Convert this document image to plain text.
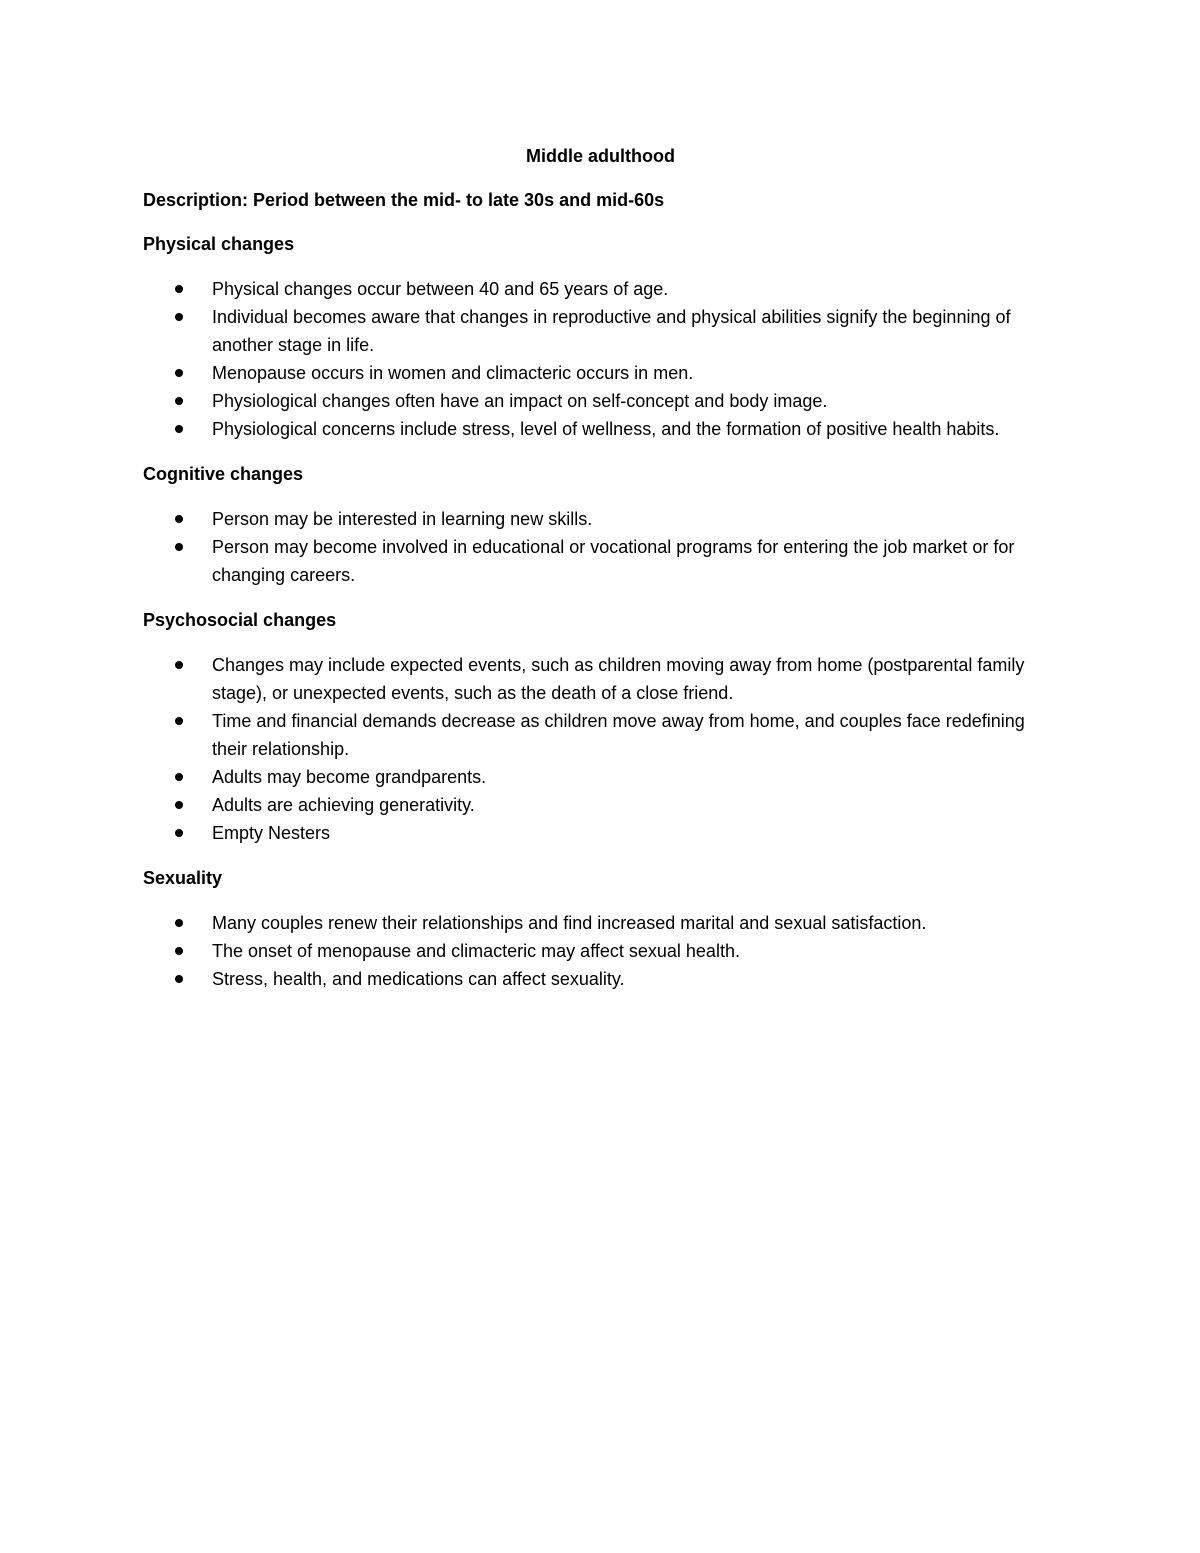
Middle adulthood
Description: Period between the mid- to late 30s and mid-60s
Physical changes
Physical changes occur between 40 and 65 years of age.
Individual becomes aware that changes in reproductive and physical abilities signify the beginning of another stage in life.
Menopause occurs in women and climacteric occurs in men.
Physiological changes often have an impact on self-concept and body image.
Physiological concerns include stress, level of wellness, and the formation of positive health habits.
Cognitive changes
Person may be interested in learning new skills.
Person may become involved in educational or vocational programs for entering the job market or for changing careers.
Psychosocial changes
Changes may include expected events, such as children moving away from home (postparental family stage), or unexpected events, such as the death of a close friend.
Time and financial demands decrease as children move away from home, and couples face redefining their relationship.
Adults may become grandparents.
Adults are achieving generativity.
Empty Nesters
Sexuality
Many couples renew their relationships and find increased marital and sexual satisfaction.
The onset of menopause and climacteric may affect sexual health.
Stress, health, and medications can affect sexuality.
